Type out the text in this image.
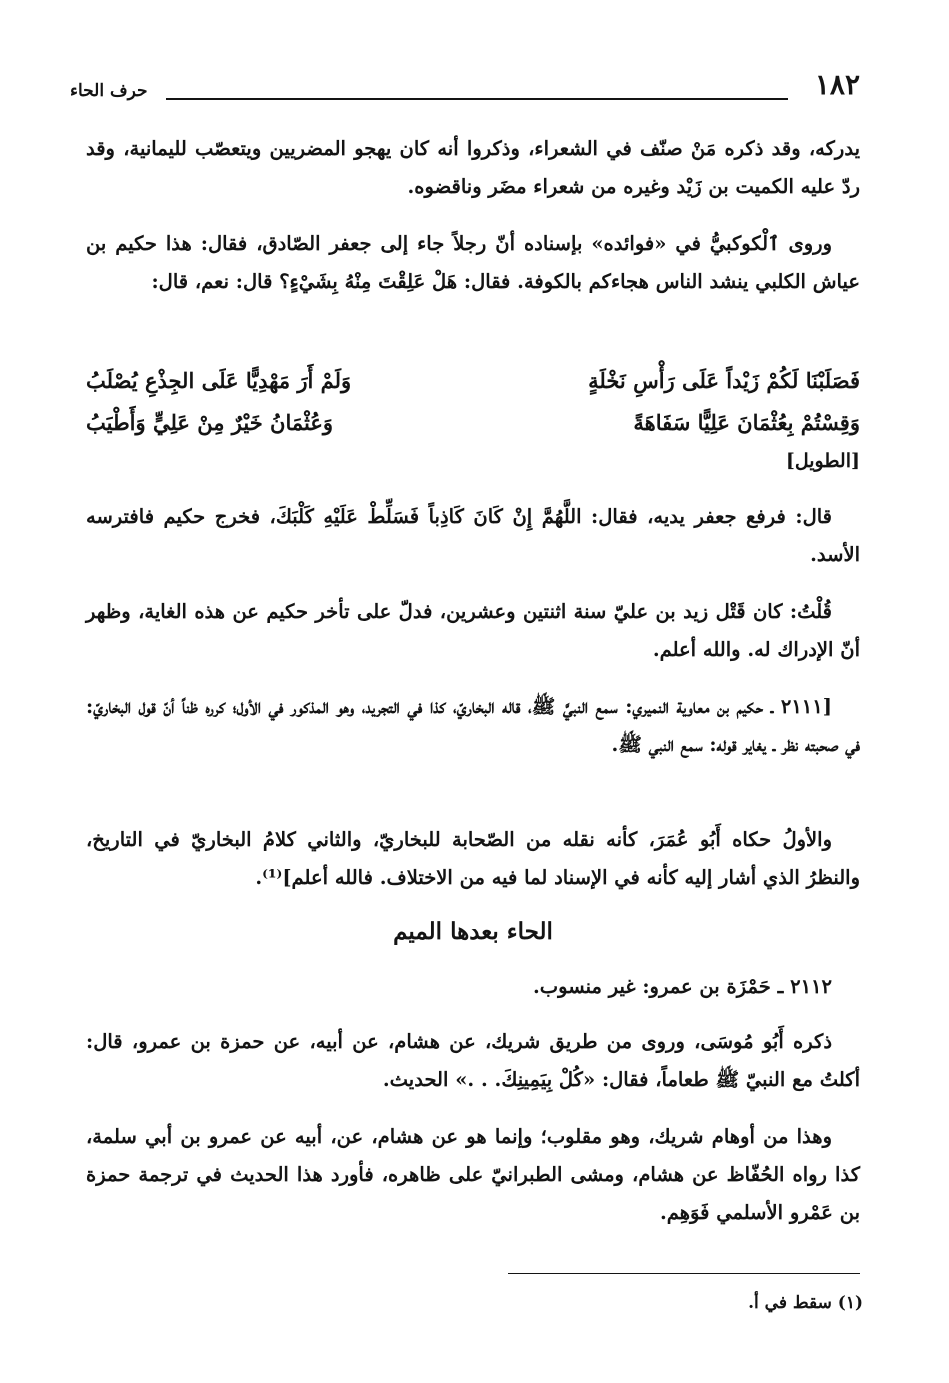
١٨٢
حرف الحاء

يدركه، وقد ذكره مَنْ صنّف في الشعراء، وذكروا أنه كان يهجو المضريين ويتعصّب لليمانية، وقد ردّ عليه الكميت بن زَيْد وغيره من شعراء مضَر وناقضوه.

وروى ٱلْكوكبيُّ في «فوائده» بإسناده أنّ رجلاً جاء إلى جعفر الصّادق، فقال: هذا حكيم بن عياش الكلبي ينشد الناس هجاءكم بالكوفة. فقال: هَلْ عَلِقْتَ مِنْهُ بِشَيْءٍ؟ قال: نعم، قال:

فَصَلَبْنَا لَكُمْ زَيْداً عَلَى رَأْسِ نَخْلَةٍ
وَلَمْ أَرَ مَهْدِيًّا عَلَى الجِذْعِ يُصْلَبُ
وَقِسْتُمْ بِعُثْمَانَ عَلِيًّا سَفَاهَةً
وَعُثْمَانُ خَيْرٌ مِنْ عَلِيٍّ وَأَطْيَبُ
[الطويل]

قال: فرفع جعفر يديه، فقال: اللَّهُمَّ إِنْ كَانَ كَاذِباً فَسَلِّطْ عَلَيْهِ كَلْبَكَ، فخرج حكيم فافترسه الأسد.

قُلْتُ: كان قَتْل زيد بن عليّ سنة اثنتين وعشرين، فدلّ على تأخر حكيم عن هذه الغاية، وظهر أنّ الإدراك له. والله أعلم.

[٢١١١ ـ حكيم بن معاوية النميري: سمع النبيَّ ﷺ، قاله البخاريّ، كذا في التجريد، وهو المذكور في الأول؛ كرره ظناً أنّ قول البخاريّ: في صحبته نظر ـ يغاير قوله: سمع النبي ﷺ.

والأولُ حكاه أَبُو عُمَرَ، كأنه نقله من الصّحابة للبخاريّ، والثاني كلامُ البخاريّ في التاريخ، والنظرُ الذي أشار إليه كأنه في الإسناد لما فيه من الاختلاف. فالله أعلم]⁽¹⁾.

الحاء بعدها الميم

٢١١٢ ـ حَمْزَة بن عمرو: غير منسوب.

ذكره أَبُو مُوسَى، وروى من طريق شريك، عن هشام، عن أبيه، عن حمزة بن عمرو، قال: أكلتُ مع النبيّ ﷺ طعاماً، فقال: «كُلْ بِيَمِينِكَ. . .» الحديث.

وهذا من أوهام شريك، وهو مقلوب؛ وإنما هو عن هشام، عن، أبيه عن عمرو بن أبي سلمة، كذا رواه الحُفّاظ عن هشام، ومشى الطبرانيّ على ظاهره، فأورد هذا الحديث في ترجمة حمزة بن عَمْرو الأسلمي فَوَهِم.

(١) سقط في أ.
